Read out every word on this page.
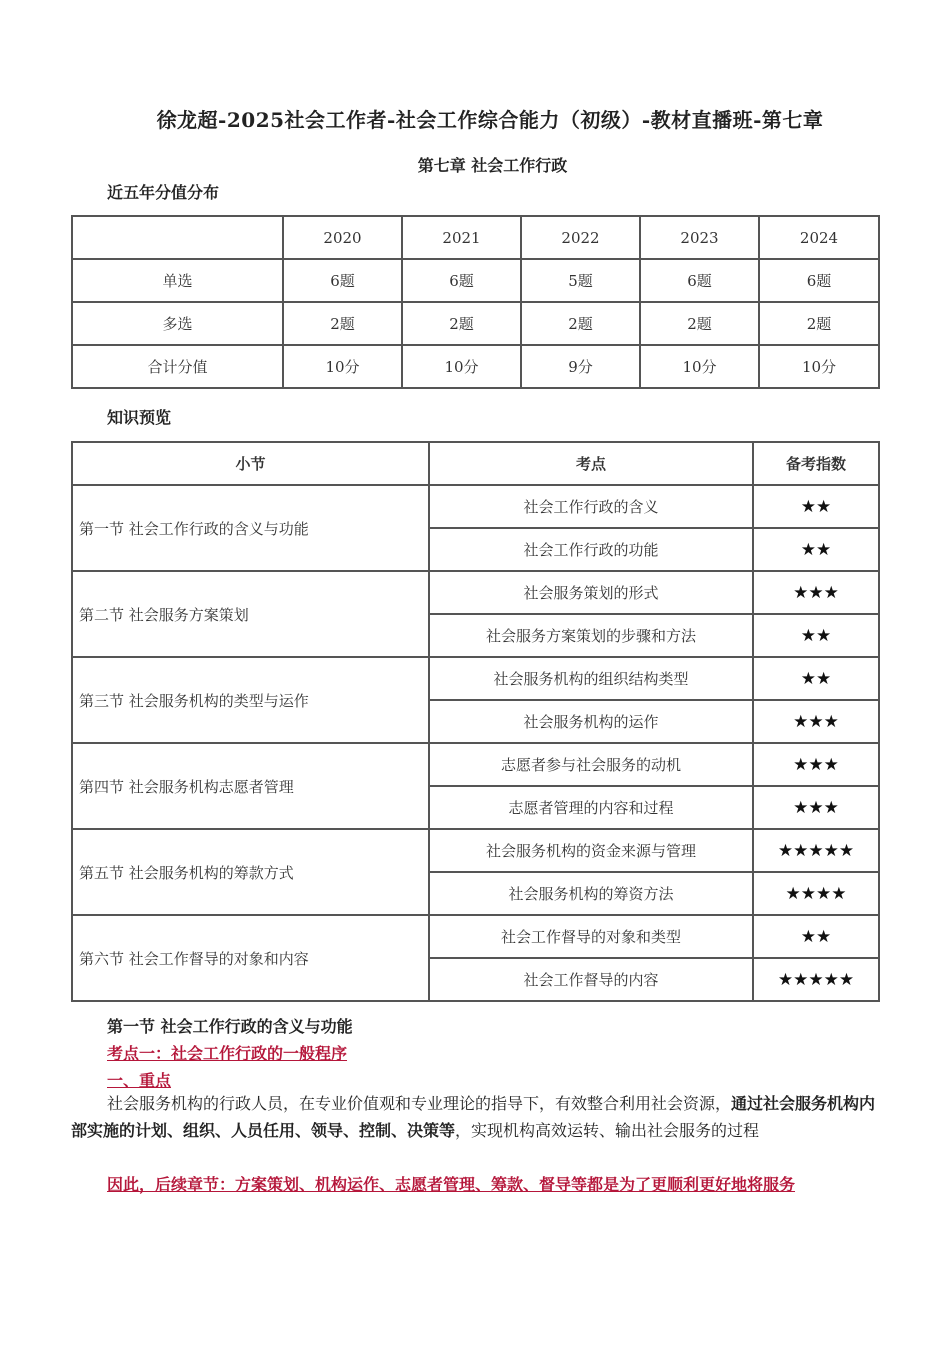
徐龙超-2025社会工作者-社会工作综合能力（初级）-教材直播班-第七章
第七章 社会工作行政
近五年分值分布
	2020	2021	2022	2023	2024
单选	6题	6题	5题	6题	6题
多选	2题	2题	2题	2题	2题
合计分值	10分	10分	9分	10分	10分
知识预览
小节	考点	备考指数
第一节 社会工作行政的含义与功能	社会工作行政的含义	★★
	社会工作行政的功能	★★
第二节 社会服务方案策划	社会服务策划的形式	★★★
	社会服务方案策划的步骤和方法	★★
第三节 社会服务机构的类型与运作	社会服务机构的组织结构类型	★★
	社会服务机构的运作	★★★
第四节 社会服务机构志愿者管理	志愿者参与社会服务的动机	★★★
	志愿者管理的内容和过程	★★★
第五节 社会服务机构的筹款方式	社会服务机构的资金来源与管理	★★★★★
	社会服务机构的筹资方法	★★★★
第六节 社会工作督导的对象和内容	社会工作督导的对象和类型	★★
	社会工作督导的内容	★★★★★
第一节 社会工作行政的含义与功能
考点一：社会工作行政的一般程序
一、重点
社会服务机构的行政人员，在专业价值观和专业理论的指导下，有效整合利用社会资源，通过社会服务机构内部实施的计划、组织、人员任用、领导、控制、决策等，实现机构高效运转、输出社会服务的过程
因此，后续章节：方案策划、机构运作、志愿者管理、筹款、督导等都是为了更顺利更好地将服务
